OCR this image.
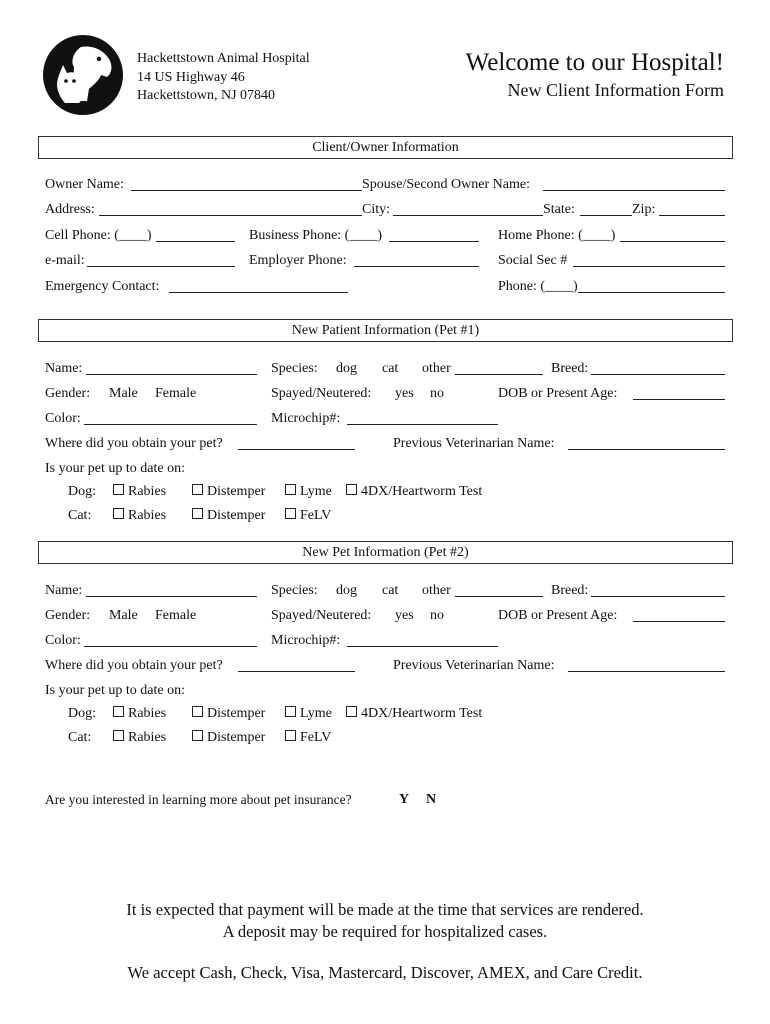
Hackettstown Animal Hospital
14 US Highway 46
Hackettstown, NJ 07840
Welcome to our Hospital!
New Client Information Form
Client/Owner Information
Owner Name:	Spouse/Second Owner Name:
Address:	City:	State:	Zip:
Cell Phone: (____)	Business Phone: (____)	Home Phone: (____)
e-mail:	Employer Phone:	Social Sec #
Emergency Contact:	Phone: (____)
New Patient Information (Pet #1)
Name:	Species: dog cat other	Breed:
Gender: Male Female	Spayed/Neutered: yes no	DOB or Present Age:
Color:	Microchip#:
Where did you obtain your pet?	Previous Veterinarian Name:
Is your pet up to date on:
Dog:	Rabies	Distemper	Lyme	4DX/Heartworm Test
Cat:	Rabies	Distemper	FeLV
New Pet Information (Pet #2)
Name:	Species: dog cat other	Breed:
Gender: Male Female	Spayed/Neutered: yes no	DOB or Present Age:
Color:	Microchip#:
Where did you obtain your pet?	Previous Veterinarian Name:
Is your pet up to date on:
Dog:	Rabies	Distemper	Lyme	4DX/Heartworm Test
Cat:	Rabies	Distemper	FeLV
Are you interested in learning more about pet insurance?	Y N
It is expected that payment will be made at the time that services are rendered.
A deposit may be required for hospitalized cases.
We accept Cash, Check, Visa, Mastercard, Discover, AMEX, and Care Credit.
